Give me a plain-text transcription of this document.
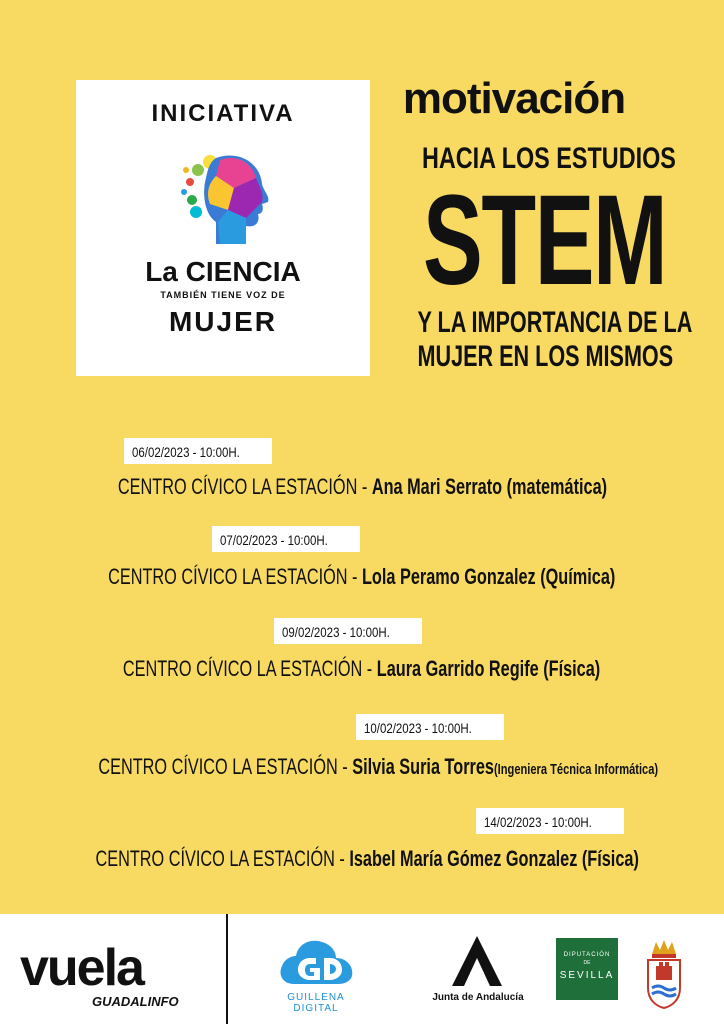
INICIATIVA
La CIENCIA
TAMBIÉN TIENE VOZ DE
MUJER
motivación
HACIA LOS ESTUDIOS
STEM
Y LA IMPORTANCIA DE LA
MUJER EN LOS MISMOS
06/02/2023 - 10:00H.
CENTRO CÍVICO LA ESTACIÓN - Ana Mari Serrato (matemática)
07/02/2023 - 10:00H.
CENTRO CÍVICO LA ESTACIÓN - Lola Peramo Gonzalez (Química)
09/02/2023 - 10:00H.
CENTRO CÍVICO LA ESTACIÓN - Laura Garrido Regife (Física)
10/02/2023 - 10:00H.
CENTRO CÍVICO LA ESTACIÓN - Silvia Suria Torres(Ingeniera Técnica Informática)
14/02/2023 - 10:00H.
CENTRO CÍVICO LA ESTACIÓN - Isabel María Gómez Gonzalez (Física)
vuela
GUADALINFO	GUILLENA DIGITAL
Junta de Andalucía
DIPUTACIÓN
DE
SEVILLA
